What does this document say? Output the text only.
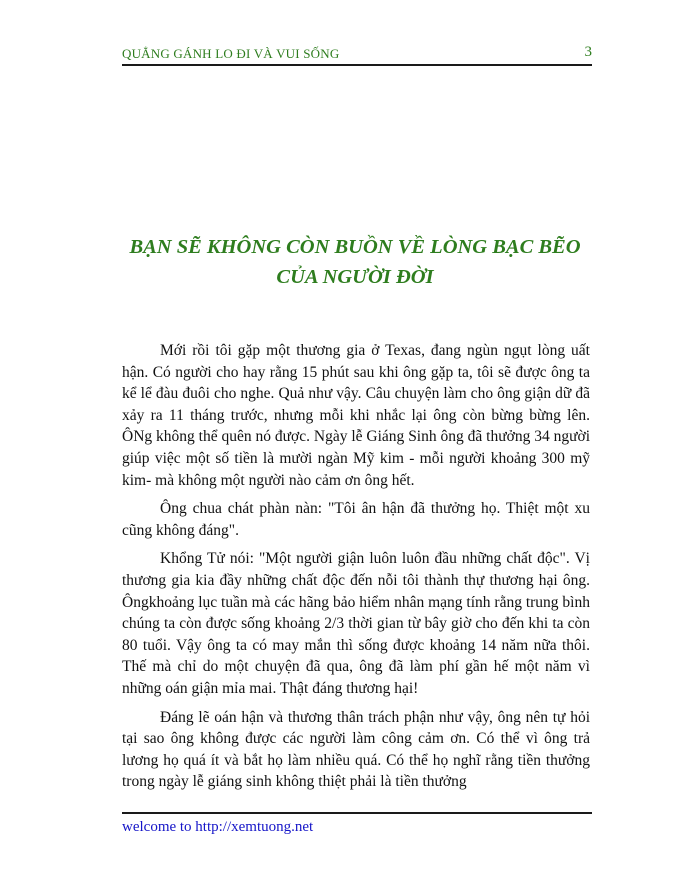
QUẲNG GÁNH LO ĐI VÀ VUI SỐNG	3
BẠN SẼ KHÔNG CÒN BUỒN VỀ LÒNG BẠC BẼO
CỦA NGƯỜI ĐỜI

Mới rồi tôi gặp một thương gia ở Texas, đang ngùn ngụt lòng uất hận. Có người cho hay rằng 15 phút sau khi ông gặp ta, tôi sẽ được ông ta kể lể đàu đuôi cho nghe. Quả như vậy. Câu chuyện làm cho ông giận dữ đã xảy ra 11 tháng trước, nhưng mỗi khi nhắc lại ông còn bừng bừng lên. ÔNg không thể quên nó được. Ngày lễ Giáng Sinh ông đã thưởng 34 người giúp việc một số tiền là mười ngàn Mỹ kim - mỗi người khoảng 300 mỹ kim- mà không một người nào cảm ơn ông hết.

Ông chua chát phàn nàn: "Tôi ân hận đã thưởng họ. Thiệt một xu cũng không đáng".

Khổng Tử nói: "Một người giận luôn luôn đầu những chất độc". Vị thương gia kia đầy những chất độc đến nỗi tôi thành thự thương hại ông. Ôngkhoảng lục tuần mà các hãng bảo hiểm nhân mạng tính rằng trung bình chúng ta còn được sống khoảng 2/3 thời gian từ bây giờ cho đến khi ta còn 80 tuổi. Vậy ông ta có may mắn thì sống được khoảng 14 năm nữa thôi. Thế mà chỉ do một chuyện đã qua, ông đã làm phí gần hế một năm vì những oán giận mỉa mai. Thật đáng thương hại!

Đáng lẽ oán hận và thương thân trách phận như vậy, ông nên tự hỏi tại sao ông không được các người làm công cảm ơn. Có thể vì ông trả lương họ quá ít và bắt họ làm nhiều quá. Có thể họ nghĩ rằng tiền thưởng trong ngày lễ giáng sinh không thiệt phải là tiền thưởng

welcome to http://xemtuong.net
